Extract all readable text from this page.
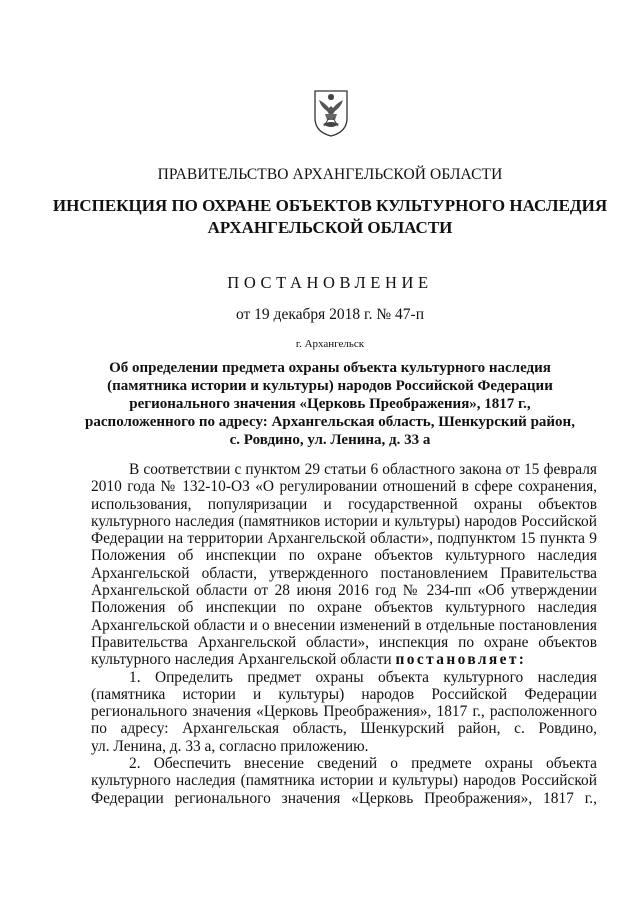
ПРАВИТЕЛЬСТВО АРХАНГЕЛЬСКОЙ ОБЛАСТИ
ИНСПЕКЦИЯ ПО ОХРАНЕ ОБЪЕКТОВ КУЛЬТУРНОГО НАСЛЕДИЯ
АРХАНГЕЛЬСКОЙ ОБЛАСТИ
ПОСТАНОВЛЕНИЕ
от 19 декабря 2018 г. № 47-п
г. Архангельск
Об определении предмета охраны объекта культурного наследия
(памятника истории и культуры) народов Российской Федерации
регионального значения «Церковь Преображения», 1817 г.,
расположенного по адресу: Архангельская область, Шенкурский район,
с. Ровдино, ул. Ленина, д. 33 а
В соответствии с пунктом 29 статьи 6 областного закона от 15 февраля
2010 года № 132-10-ОЗ «О регулировании отношений в сфере сохранения,
использования, популяризации и государственной охраны объектов
культурного наследия (памятников истории и культуры) народов Российской
Федерации на территории Архангельской области», подпунктом 15 пункта 9
Положения об инспекции по охране объектов культурного наследия
Архангельской области, утвержденного постановлением Правительства
Архангельской области от 28 июня 2016 год № 234-пп «Об утверждении
Положения об инспекции по охране объектов культурного наследия
Архангельской области и о внесении изменений в отдельные постановления
Правительства Архангельской области», инспекция по охране объектов
культурного наследия Архангельской области постановляет:
1. Определить предмет охраны объекта культурного наследия
(памятника истории и культуры) народов Российской Федерации
регионального значения «Церковь Преображения», 1817 г., расположенного
по адресу: Архангельская область, Шенкурский район, с. Ровдино,
ул. Ленина, д. 33 а, согласно приложению.
2. Обеспечить внесение сведений о предмете охраны объекта
культурного наследия (памятника истории и культуры) народов Российской
Федерации регионального значения «Церковь Преображения», 1817 г.,
